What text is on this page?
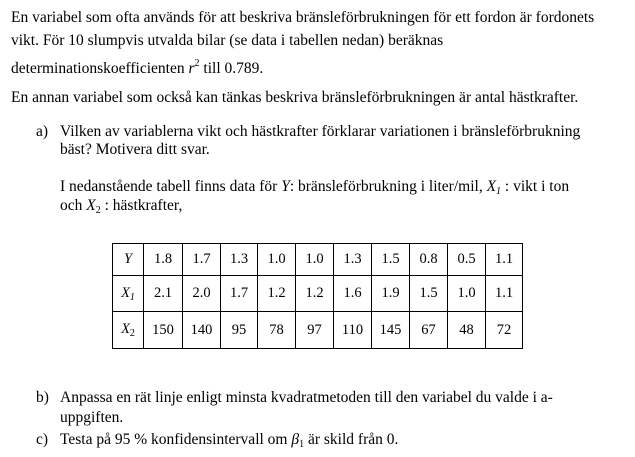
En variabel som ofta används för att beskriva bränsleförbrukningen för ett fordon är fordonets
vikt. För 10 slumpvis utvalda bilar (se data i tabellen nedan) beräknas
determinationskoefficienten $r^2$ till 0.789.
En annan variabel som också kan tänkas beskriva bränsleförbrukningen är antal hästkrafter.
a) Vilken av variablerna vikt och hästkrafter förklarar variationen i bränsleförbrukning
bäst? Motivera ditt svar.
I nedanstående tabell finns data för Y: bränsleförbrukning i liter/mil, $X_1$ : vikt i ton
och $X_2$ : hästkrafter,
Y	1.8	1.7	1.3	1.0	1.0	1.3	1.5	0.8	0.5	1.1
$X_1$	2.1	2.0	1.7	1.2	1.2	1.6	1.9	1.5	1.0	1.1
$X_2$	150	140	95	78	97	110	145	67	48	72
b) Anpassa en rät linje enligt minsta kvadratmetoden till den variabel du valde i a-
uppgiften.
c) Testa på 95 % konfidensintervall om $\beta_1$ är skild från 0.
